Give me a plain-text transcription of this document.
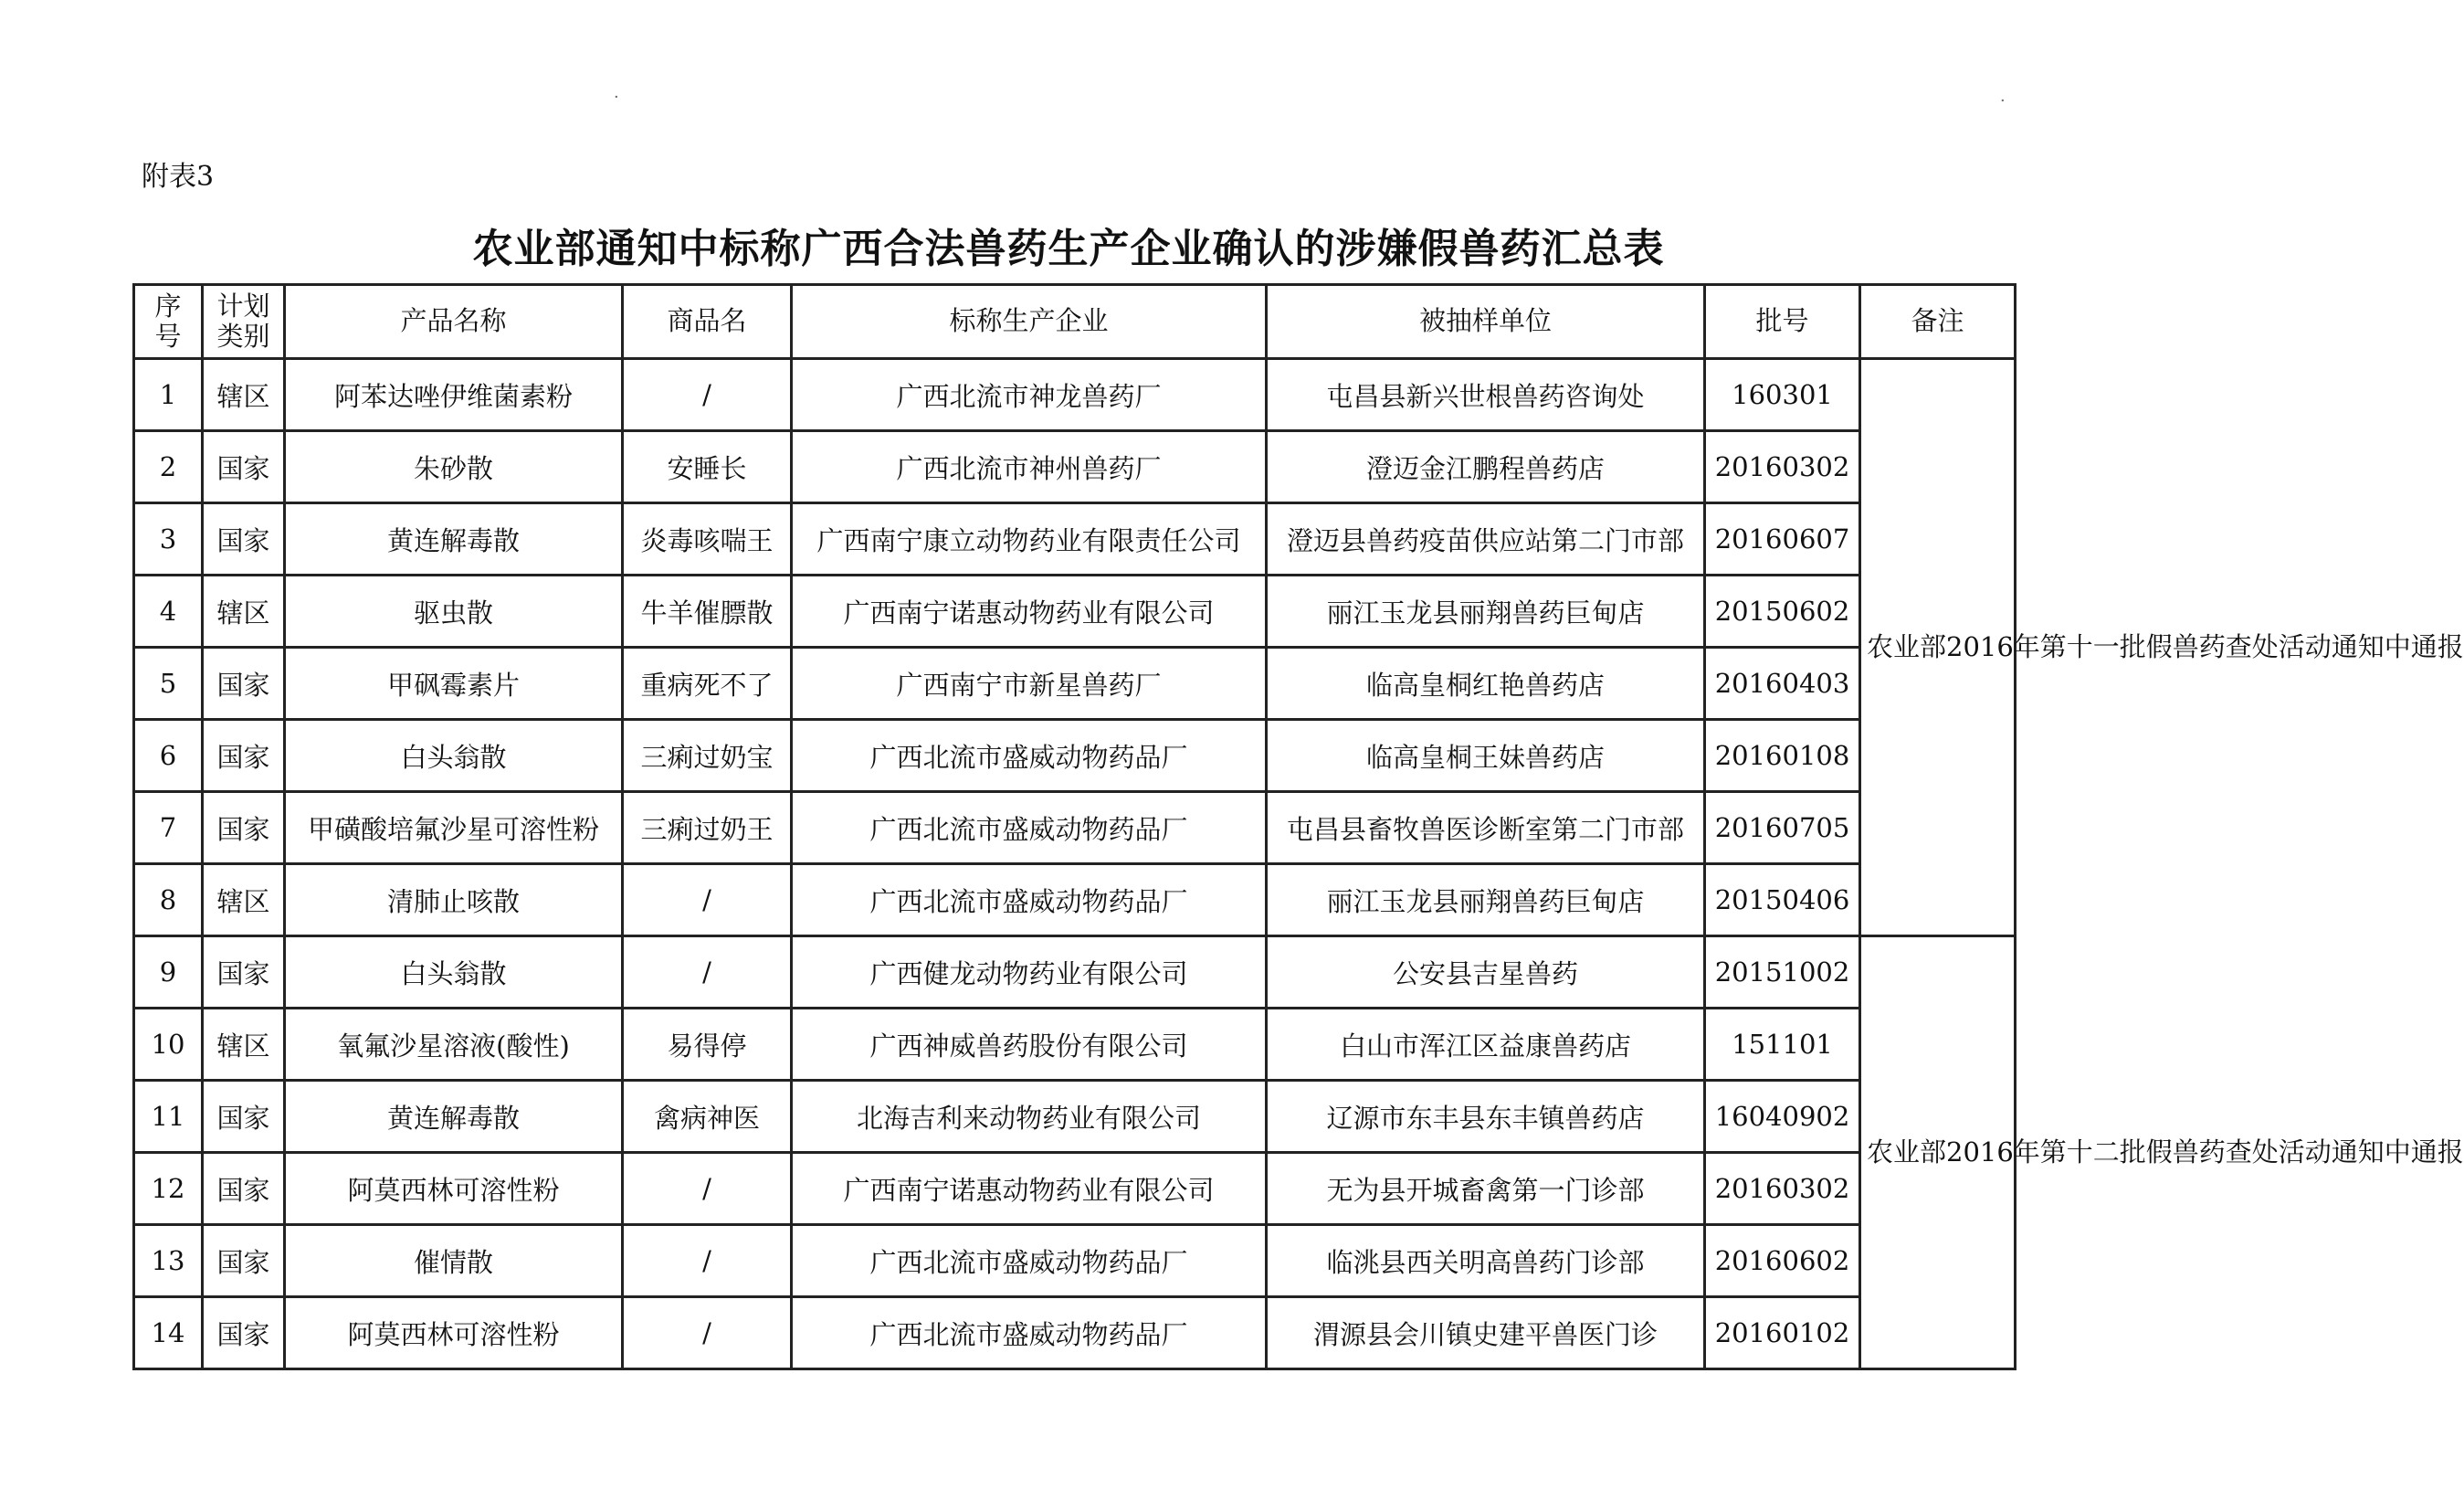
附表3
农业部通知中标称广西合法兽药生产企业确认的涉嫌假兽药汇总表
序号	计划类别	产品名称	商品名	标称生产企业	被抽样单位	批号	备注
1	辖区	阿苯达唑伊维菌素粉	/	广西北流市神龙兽药厂	屯昌县新兴世根兽药咨询处	160301	农业部2016年第十一批假兽药查处活动通知中通报
2	国家	朱砂散	安睡长	广西北流市神州兽药厂	澄迈金江鹏程兽药店	20160302	
3	国家	黄连解毒散	炎毒咳喘王	广西南宁康立动物药业有限责任公司	澄迈县兽药疫苗供应站第二门市部	20160607	
4	辖区	驱虫散	牛羊催膘散	广西南宁诺惠动物药业有限公司	丽江玉龙县丽翔兽药巨甸店	20150602	
5	国家	甲砜霉素片	重病死不了	广西南宁市新星兽药厂	临高皇桐红艳兽药店	20160403	
6	国家	白头翁散	三痢过奶宝	广西北流市盛威动物药品厂	临高皇桐王妹兽药店	20160108	
7	国家	甲磺酸培氟沙星可溶性粉	三痢过奶王	广西北流市盛威动物药品厂	屯昌县畜牧兽医诊断室第二门市部	20160705	
8	辖区	清肺止咳散	/	广西北流市盛威动物药品厂	丽江玉龙县丽翔兽药巨甸店	20150406	
9	国家	白头翁散	/	广西健龙动物药业有限公司	公安县吉星兽药	20151002	农业部2016年第十二批假兽药查处活动通知中通报
10	辖区	氧氟沙星溶液(酸性)	易得停	广西神威兽药股份有限公司	白山市浑江区益康兽药店	151101	
11	国家	黄连解毒散	禽病神医	北海吉利来动物药业有限公司	辽源市东丰县东丰镇兽药店	16040902	
12	国家	阿莫西林可溶性粉	/	广西南宁诺惠动物药业有限公司	无为县开城畜禽第一门诊部	20160302	
13	国家	催情散	/	广西北流市盛威动物药品厂	临洮县西关明高兽药门诊部	20160602	
14	国家	阿莫西林可溶性粉	/	广西北流市盛威动物药品厂	渭源县会川镇史建平兽医门诊	20160102	
·	·
